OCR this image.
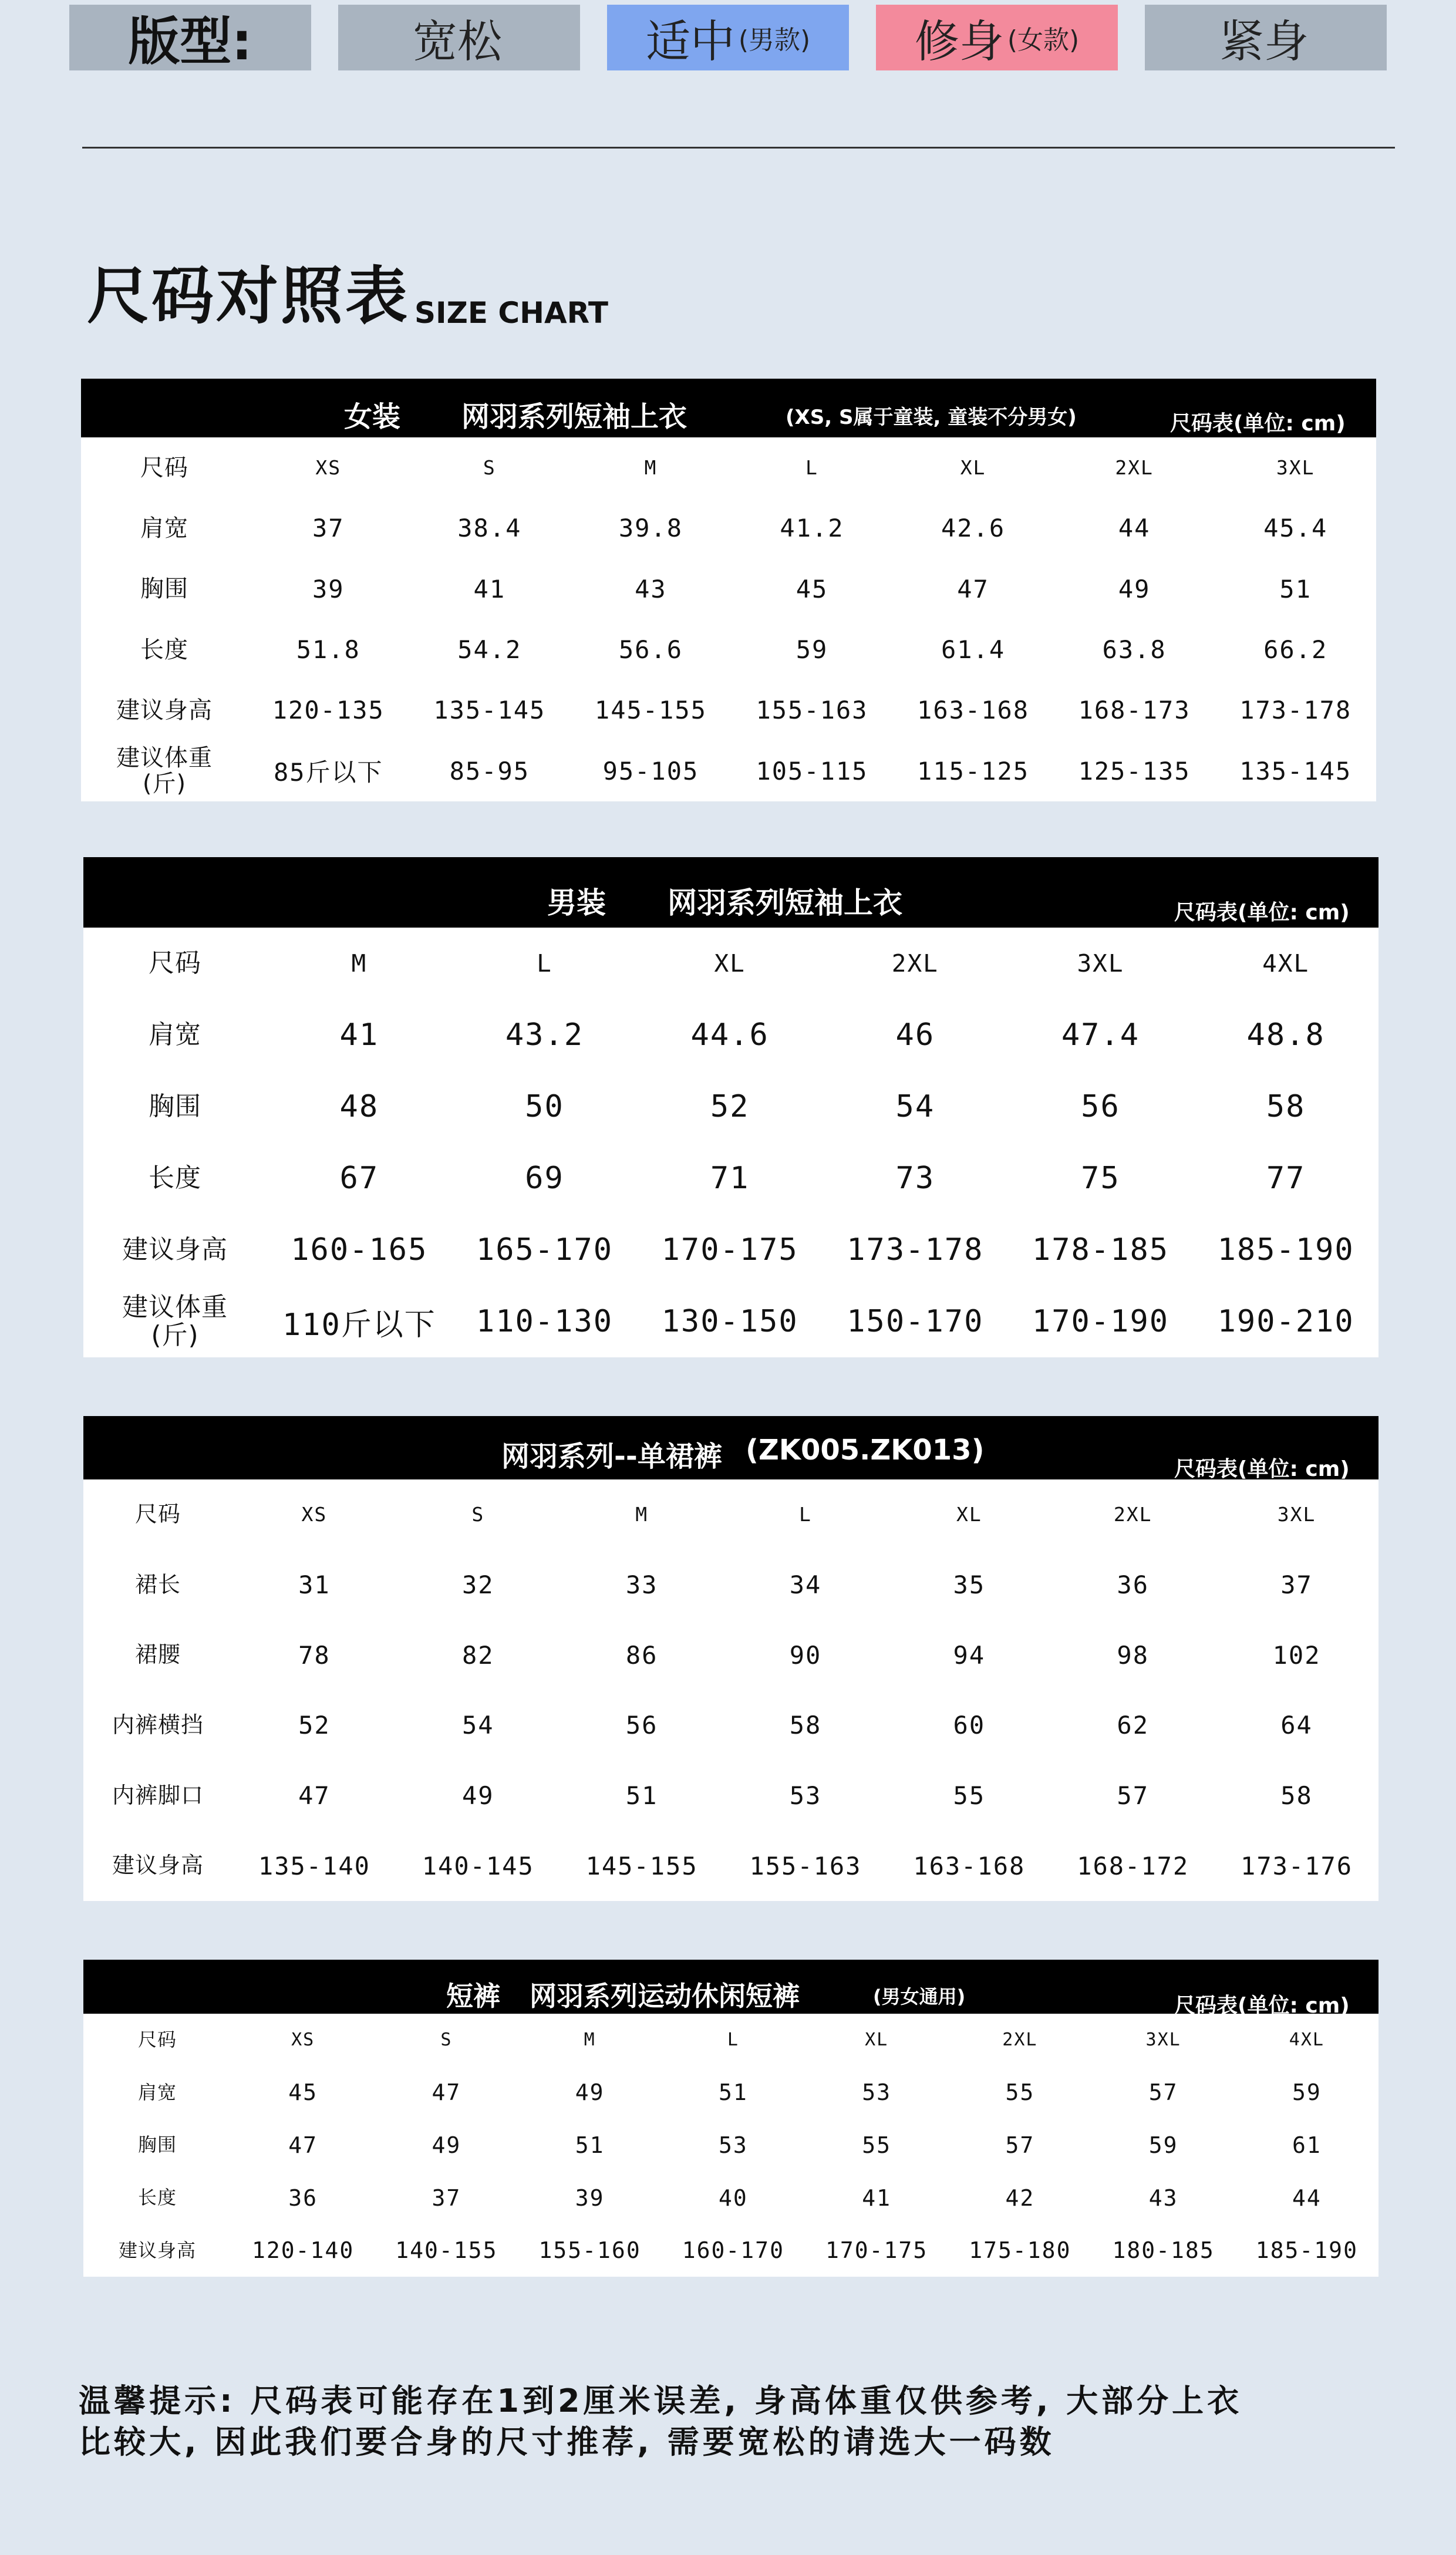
版型:	宽松	适中 (男款) 修身 (女款)	紧身
尺码对照表 SIZE CHART
女装 网羽系列短袖上衣	(XS, S属于童装, 童装不分男女)	尺码表(单位: cm)
尺码	XS	S	M	L	XL	2XL	3XL
肩宽	37	38.4	39.8	41.2	42.6	44	45.4
胸围	39	41	43	45	47	49	51
长度	51.8	54.2	56.6	59	61.4	63.8	66.2
建议身高	120-135	135-145	145-155	155-163	163-168	168-173	173-178
建议体重
(斤)	85斤以下	85-95	95-105	105-115	115-125	125-135	135-145
男装 网羽系列短袖上衣	尺码表(单位: cm)
尺码	M	L	XL	2XL	3XL	4XL
肩宽	41	43.2	44.6	46	47.4	48.8
胸围	48	50	52	54	56	58
长度	67	69	71	73	75	77
建议身高	160-165	165-170	170-175	173-178	178-185	185-190
建议体重
(斤)	110斤以下	110-130	130-150	150-170	170-190	190-210
网羽系列--单裙裤 (ZK005.ZK013)
尺码表(单位: cm)
尺码	XS	S	M	L	XL	2XL	3XL
裙长	31	32	33	34	35	36	37
裙腰	78	82	86	90	94	98	102
内裤横挡	52	54	56	58	60	62	64
内裤脚口	47	49	51	53	55	57	58
建议身高	135-140	140-145	145-155	155-163	163-168	168-172	173-176
短裤 网羽系列运动休闲短裤	(男女通用)	尺码表(单位: cm)
尺码	XS	S	M	L	XL	2XL	3XL	4XL
肩宽	45	47	49	51	53	55	57	59
胸围	47	49	51	53	55	57	59	61
长度	36	37	39	40	41	42	43	44
建议身高	120-140	140-155	155-160	160-170	170-175	175-180	180-185	185-190
温馨提示: 尺码表可能存在1到2厘米误差, 身高体重仅供参考, 大部分上衣
比较大, 因此我们要合身的尺寸推荐, 需要宽松的请选大一码数
